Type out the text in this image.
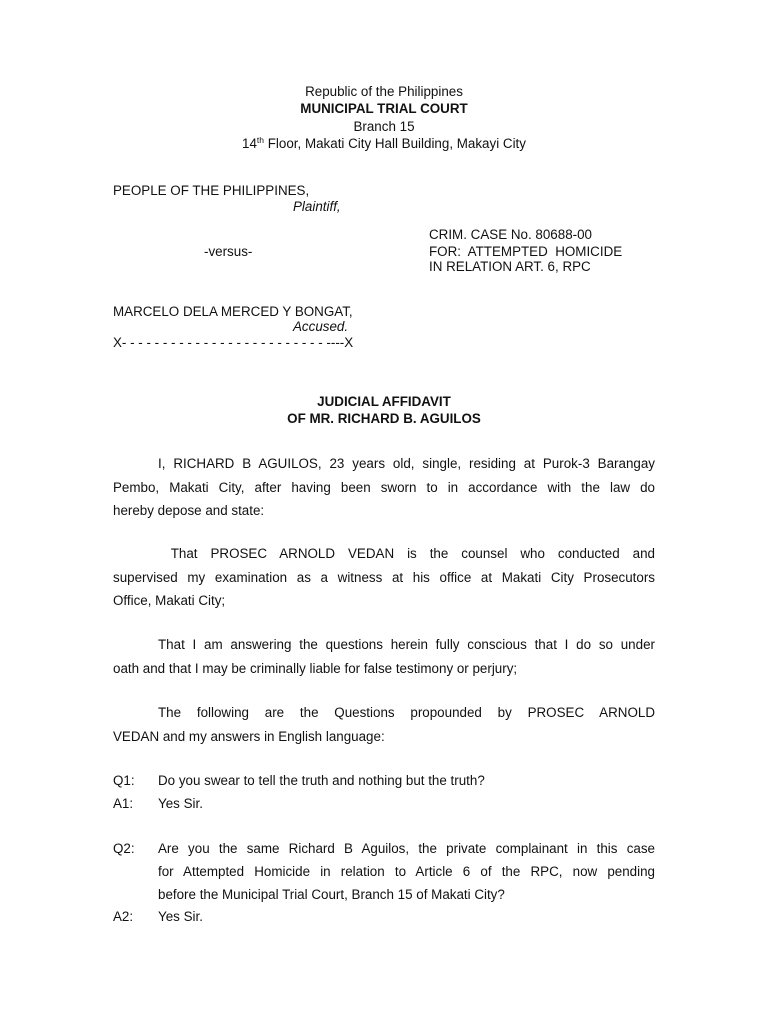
Republic of the Philippines
MUNICIPAL TRIAL COURT
Branch 15
14th Floor, Makati City Hall Building, Makayi City
PEOPLE OF THE PHILIPPINES,
Plaintiff,
CRIM. CASE No. 80688-00
-versus-	FOR:  ATTEMPTED  HOMICIDE
IN RELATION ART. 6, RPC
MARCELO DELA MERCED Y BONGAT,
Accused.
X- - - - - - - - - - - - - - - - - - - - - - - - - ----X
JUDICIAL AFFIDAVIT
OF MR. RICHARD B. AGUILOS
I, RICHARD B AGUILOS, 23 years old, single, residing at Purok-3 Barangay
Pembo, Makati City, after having been sworn to in accordance with the law do
hereby depose and state:
That PROSEC ARNOLD VEDAN is the counsel who conducted and
supervised my examination as a witness at his office at Makati City Prosecutors
Office, Makati City;
That I am answering the questions herein fully conscious that I do so under
oath and that I may be criminally liable for false testimony or perjury;
The following are the Questions propounded by PROSEC ARNOLD
VEDAN and my answers in English language:
Q1: Do you swear to tell the truth and nothing but the truth?
A1: Yes Sir.
Q2: Are you the same Richard B Aguilos, the private complainant in this case
for Attempted Homicide in relation to Article 6 of the RPC, now pending
before the Municipal Trial Court, Branch 15 of Makati City?
A2: Yes Sir.
